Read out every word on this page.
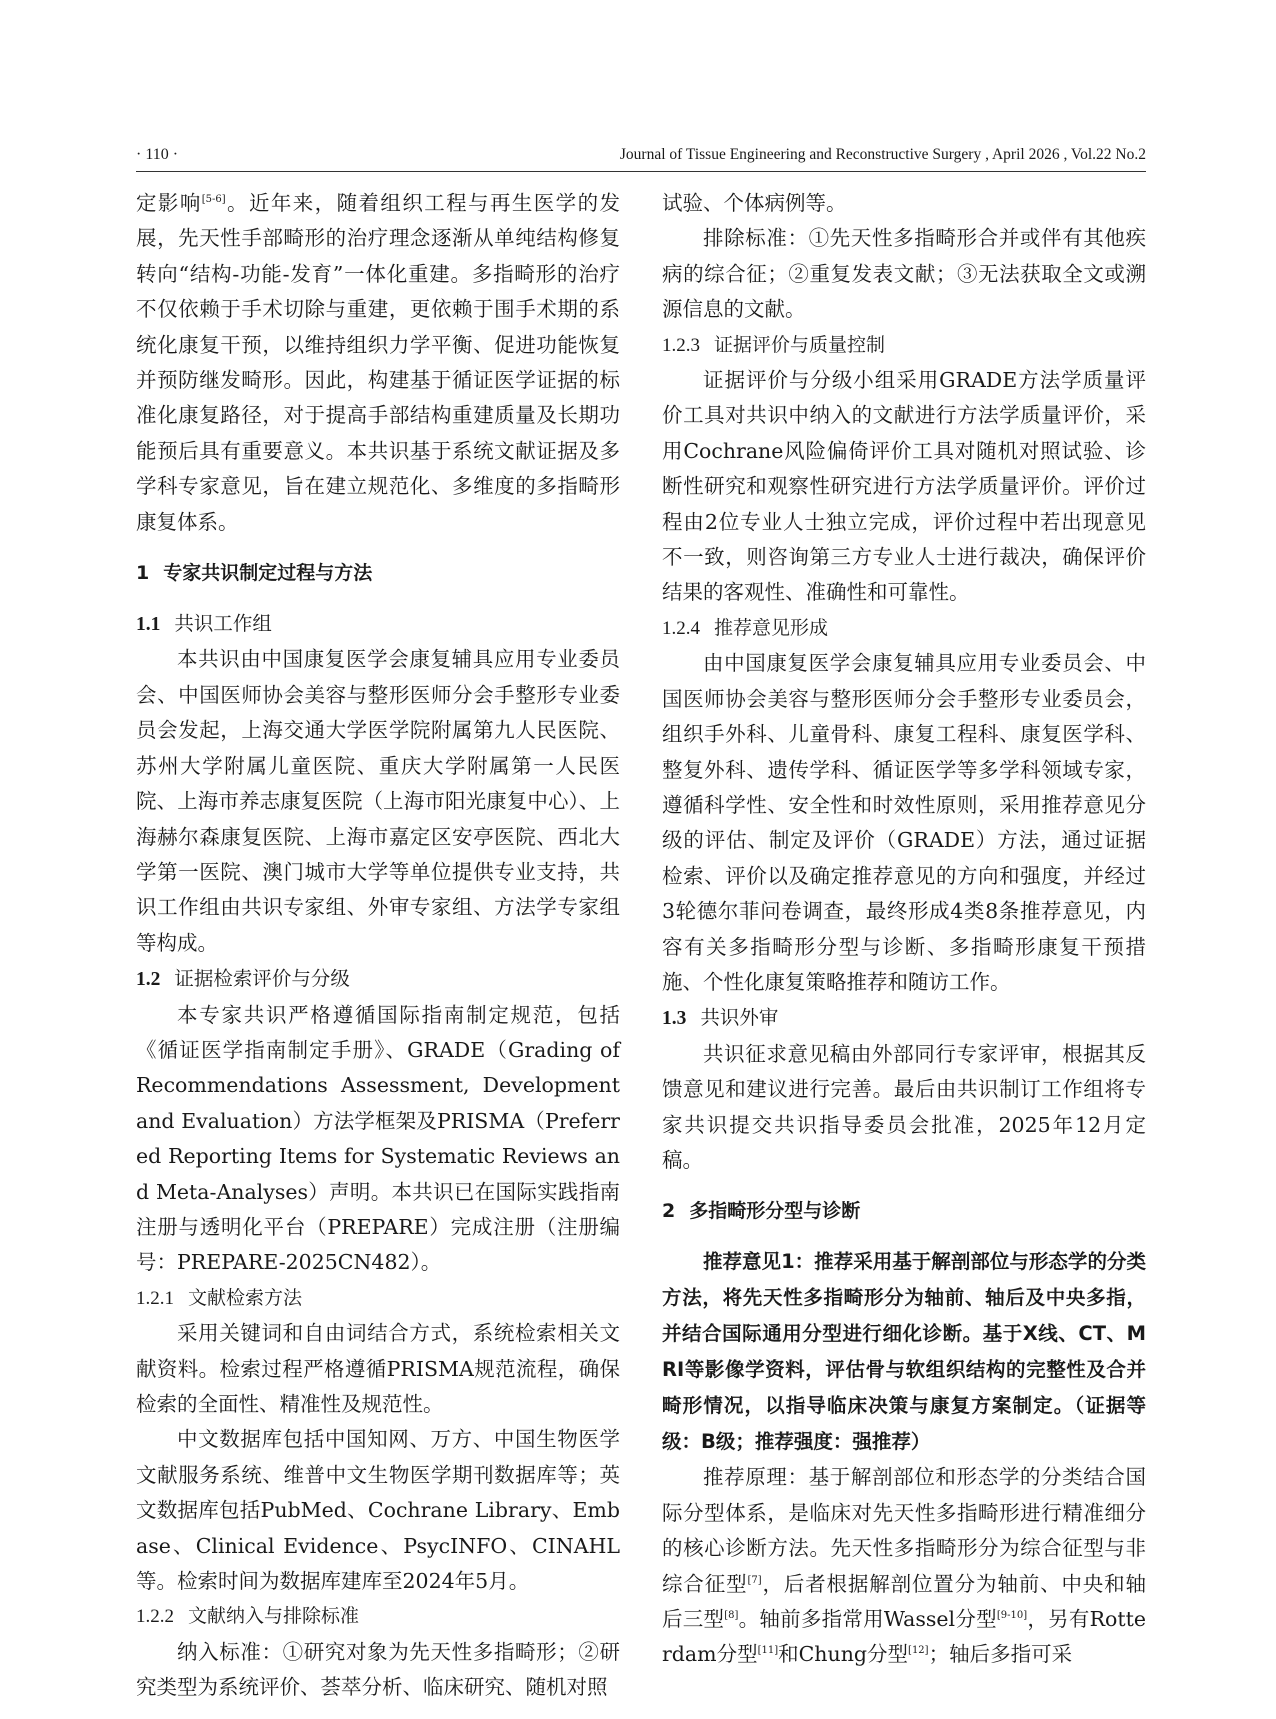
· 110 ·	Journal of Tissue Engineering and Reconstructive Surgery , April 2026 , Vol.22 No.2

定影响[5-6]。近年来，随着组织工程与再生医学的发展，先天性手部畸形的治疗理念逐渐从单纯结构修复转向“结构-功能-发育”一体化重建。多指畸形的治疗不仅依赖于手术切除与重建，更依赖于围手术期的系统化康复干预，以维持组织力学平衡、促进功能恢复并预防继发畸形。因此，构建基于循证医学证据的标准化康复路径，对于提高手部结构重建质量及长期功能预后具有重要意义。本共识基于系统文献证据及多学科专家意见，旨在建立规范化、多维度的多指畸形康复体系。

1 专家共识制定过程与方法
1.1 共识工作组

本共识由中国康复医学会康复辅具应用专业委员会、中国医师协会美容与整形医师分会手整形专业委员会发起，上海交通大学医学院附属第九人民医院、苏州大学附属儿童医院、重庆大学附属第一人民医院、上海市养志康复医院（上海市阳光康复中心）、上海赫尔森康复医院、上海市嘉定区安亭医院、西北大学第一医院、澳门城市大学等单位提供专业支持，共识工作组由共识专家组、外审专家组、方法学专家组等构成。

1.2 证据检索评价与分级

本专家共识严格遵循国际指南制定规范，包括《循证医学指南制定手册》、GRADE（Grading of Recommendations Assessment, Development and Evaluation）方法学框架及PRISMA（Preferred Reporting Items for Systematic Reviews and Meta-Analyses）声明。本共识已在国际实践指南注册与透明化平台（PREPARE）完成注册（注册编号：PREPARE-2025CN482）。

1.2.1 文献检索方法

采用关键词和自由词结合方式，系统检索相关文献资料。检索过程严格遵循PRISMA规范流程，确保检索的全面性、精准性及规范性。

中文数据库包括中国知网、万方、中国生物医学文献服务系统、维普中文生物医学期刊数据库等；英文数据库包括PubMed、Cochrane Library、Embase、Clinical Evidence、PsycINFO、CINAHL等。检索时间为数据库建库至2024年5月。

1.2.2 文献纳入与排除标准

纳入标准：①研究对象为先天性多指畸形；②研究类型为系统评价、荟萃分析、临床研究、随机对照

试验、个体病例等。

排除标准：①先天性多指畸形合并或伴有其他疾病的综合征；②重复发表文献；③无法获取全文或溯源信息的文献。

1.2.3 证据评价与质量控制

证据评价与分级小组采用GRADE方法学质量评价工具对共识中纳入的文献进行方法学质量评价，采用Cochrane风险偏倚评价工具对随机对照试验、诊断性研究和观察性研究进行方法学质量评价。评价过程由2位专业人士独立完成，评价过程中若出现意见不一致，则咨询第三方专业人士进行裁决，确保评价结果的客观性、准确性和可靠性。

1.2.4 推荐意见形成

由中国康复医学会康复辅具应用专业委员会、中国医师协会美容与整形医师分会手整形专业委员会，组织手外科、儿童骨科、康复工程科、康复医学科、整复外科、遗传学科、循证医学等多学科领域专家，遵循科学性、安全性和时效性原则，采用推荐意见分级的评估、制定及评价（GRADE）方法，通过证据检索、评价以及确定推荐意见的方向和强度，并经过3轮德尔菲问卷调查，最终形成4类8条推荐意见，内容有关多指畸形分型与诊断、多指畸形康复干预措施、个性化康复策略推荐和随访工作。

1.3 共识外审

共识征求意见稿由外部同行专家评审，根据其反馈意见和建议进行完善。最后由共识制订工作组将专家共识提交共识指导委员会批准，2025年12月定稿。

2 多指畸形分型与诊断

推荐意见1：推荐采用基于解剖部位与形态学的分类方法，将先天性多指畸形分为轴前、轴后及中央多指，并结合国际通用分型进行细化诊断。基于X线、CT、MRI等影像学资料，评估骨与软组织结构的完整性及合并畸形情况，以指导临床决策与康复方案制定。（证据等级：B级；推荐强度：强推荐）

推荐原理：基于解剖部位和形态学的分类结合国际分型体系，是临床对先天性多指畸形进行精准细分的核心诊断方法。先天性多指畸形分为综合征型与非综合征型[7]，后者根据解剖位置分为轴前、中央和轴后三型[8]。轴前多指常用Wassel分型[9-10]，另有Rotterdam分型[11]和Chung分型[12]；轴后多指可采
